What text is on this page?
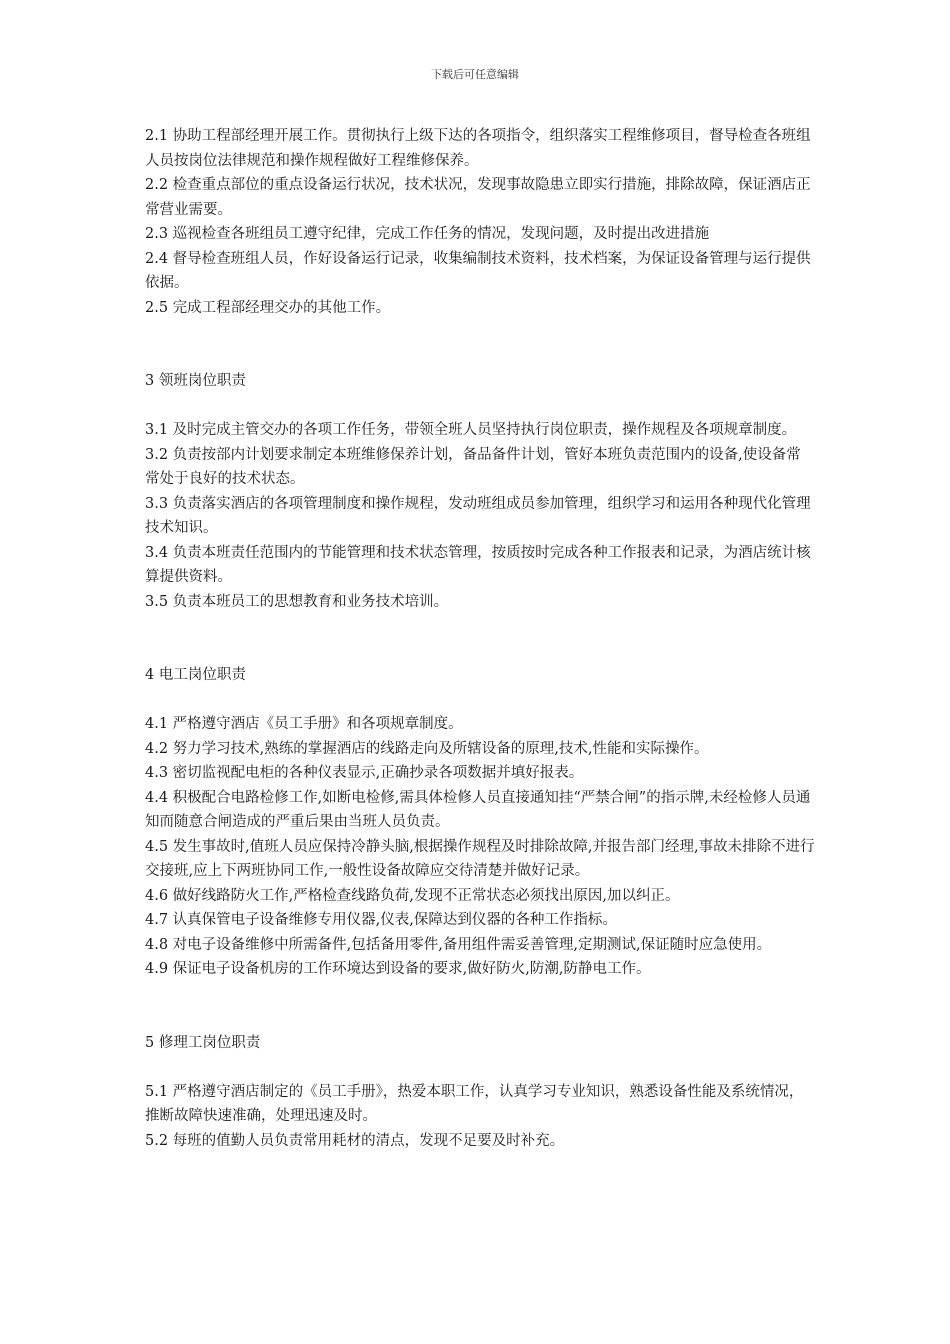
下载后可任意编辑

2.1 协助工程部经理开展工作。贯彻执行上级下达的各项指令，组织落实工程维修项目，督导检查各班组人员按岗位法律规范和操作规程做好工程维修保养。

2.2 检查重点部位的重点设备运行状况，技术状况，发现事故隐患立即实行措施，排除故障，保证酒店正常营业需要。

2.3 巡视检查各班组员工遵守纪律，完成工作任务的情况，发现问题，及时提出改进措施

2.4 督导检查班组人员，作好设备运行记录，收集编制技术资料，技术档案，为保证设备管理与运行提供依据。

2.5 完成工程部经理交办的其他工作。

3 领班岗位职责

3.1 及时完成主管交办的各项工作任务，带领全班人员坚持执行岗位职责，操作规程及各项规章制度。

3.2 负责按部内计划要求制定本班维修保养计划，备品备件计划，管好本班负责范围内的设备,使设备常常处于良好的技术状态。

3.3 负责落实酒店的各项管理制度和操作规程，发动班组成员参加管理，组织学习和运用各种现代化管理技术知识。

3.4 负责本班责任范围内的节能管理和技术状态管理，按质按时完成各种工作报表和记录，为酒店统计核算提供资料。

3.5 负责本班员工的思想教育和业务技术培训。

4 电工岗位职责

4.1 严格遵守酒店《员工手册》和各项规章制度。

4.2 努力学习技术,熟练的掌握酒店的线路走向及所辖设备的原理,技术,性能和实际操作。

4.3 密切监视配电柜的各种仪表显示,正确抄录各项数据并填好报表。

4.4 积极配合电路检修工作,如断电检修,需具体检修人员直接通知挂“严禁合闸”的指示牌,未经检修人员通知而随意合闸造成的严重后果由当班人员负责。

4.5 发生事故时,值班人员应保持冷静头脑,根据操作规程及时排除故障,并报告部门经理,事故未排除不进行交接班,应上下两班协同工作,一般性设备故障应交待清楚并做好记录。

4.6 做好线路防火工作,严格检查线路负荷,发现不正常状态必须找出原因,加以纠正。

4.7 认真保管电子设备维修专用仪器,仪表,保障达到仪器的各种工作指标。

4.8 对电子设备维修中所需备件,包括备用零件,备用组件需妥善管理,定期测试,保证随时应急使用。

4.9 保证电子设备机房的工作环境达到设备的要求,做好防火,防潮,防静电工作。

5 修理工岗位职责

5.1 严格遵守酒店制定的《员工手册》，热爱本职工作，认真学习专业知识，熟悉设备性能及系统情况，推断故障快速准确，处理迅速及时。

5.2 每班的值勤人员负责常用耗材的清点，发现不足要及时补充。
